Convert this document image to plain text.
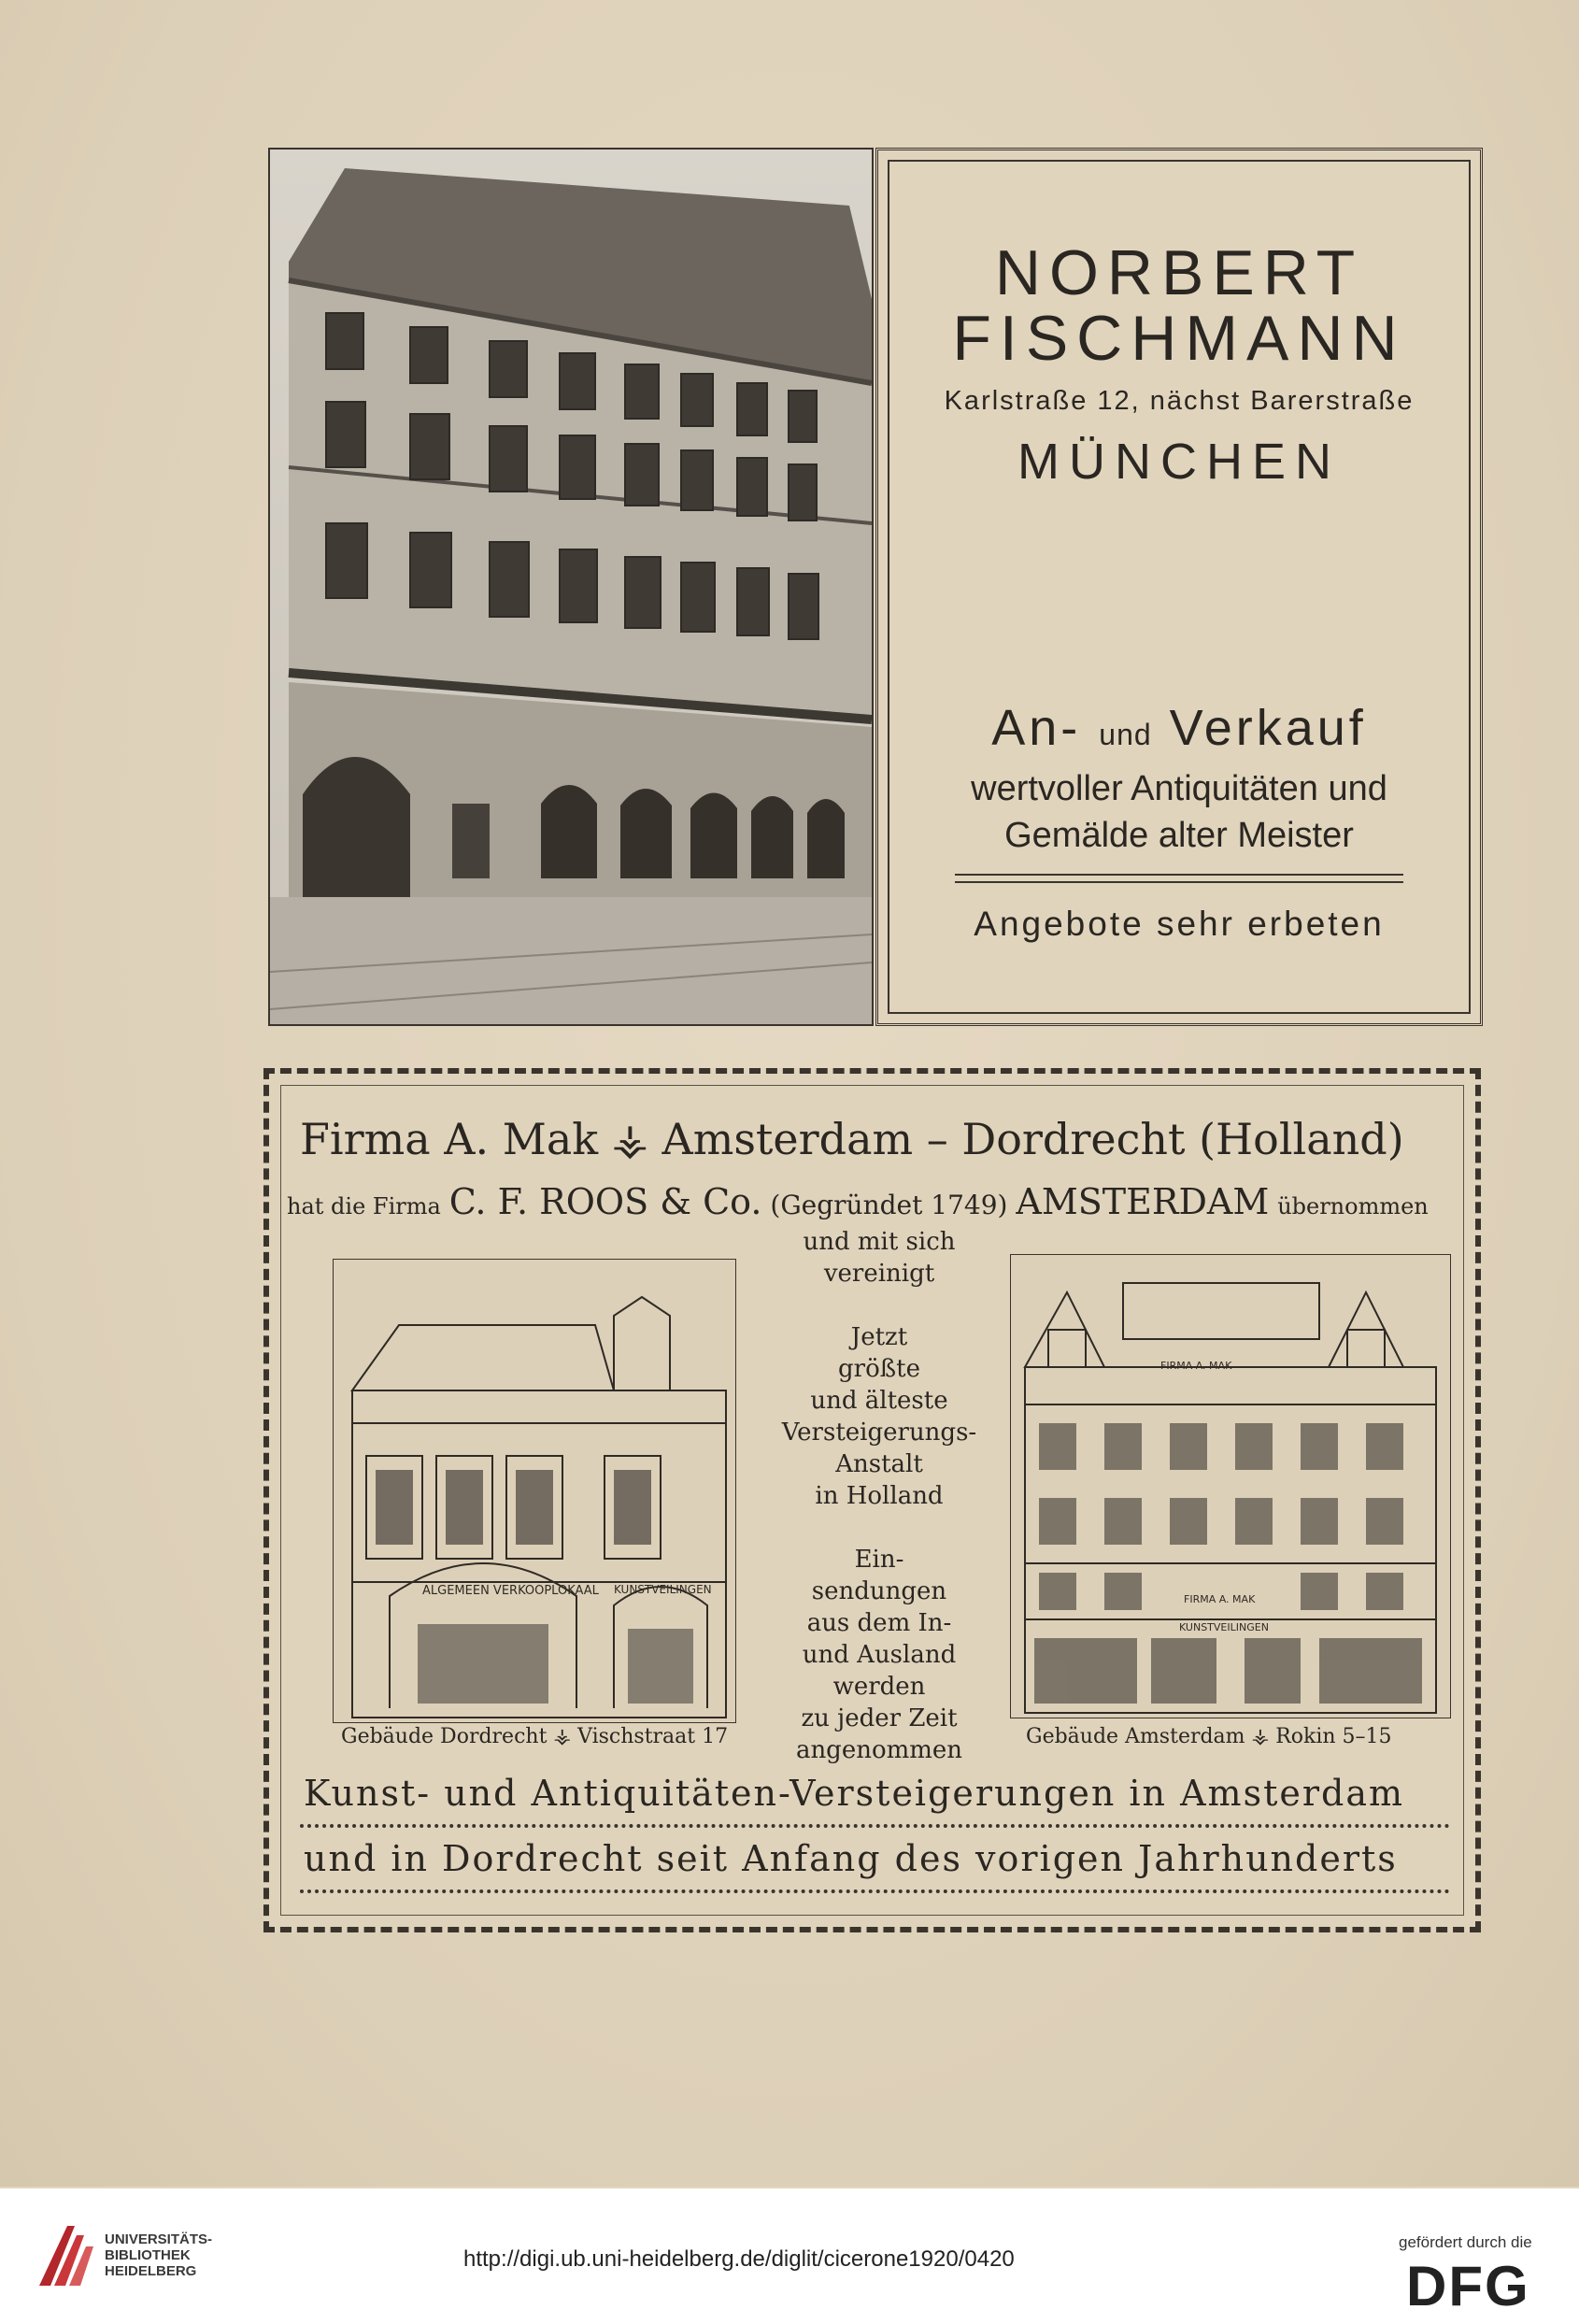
NORBERT
FISCHMANN
Karlstraße 12, nächst Barerstraße
MÜNCHEN
An- und Verkauf
wertvoller Antiquitäten und
Gemälde alter Meister
Angebote sehr erbeten
Firma A. Mak ⚶ Amsterdam – Dordrecht (Holland)
hat die Firma C. F. ROOS & Co. (Gegründet 1749) AMSTERDAM übernommen
ALGEMEEN VERKOOPLOKAAL KUNSTVEILINGEN
und mit sich
vereinigt
Jetzt
größte
und älteste
Versteigerungs-
Anstalt
in Holland
Ein-
sendungen
aus dem In-
und Ausland
werden
zu jeder Zeit
angenommen
FIRMA A. MAK
FIRMA A. MAK
KUNSTVEILINGEN
Gebäude Dordrecht ⚶ Vischstraat 17	Gebäude Amsterdam ⚶ Rokin 5–15
Kunst- und Antiquitäten-Versteigerungen in Amsterdam
und in Dordrecht seit Anfang des vorigen Jahrhunderts
UNIVERSITÄTS-
BIBLIOTHEK
HEIDELBERG	http://digi.ub.uni-heidelberg.de/diglit/cicerone1920/0420
gefördert durch die
DFG
